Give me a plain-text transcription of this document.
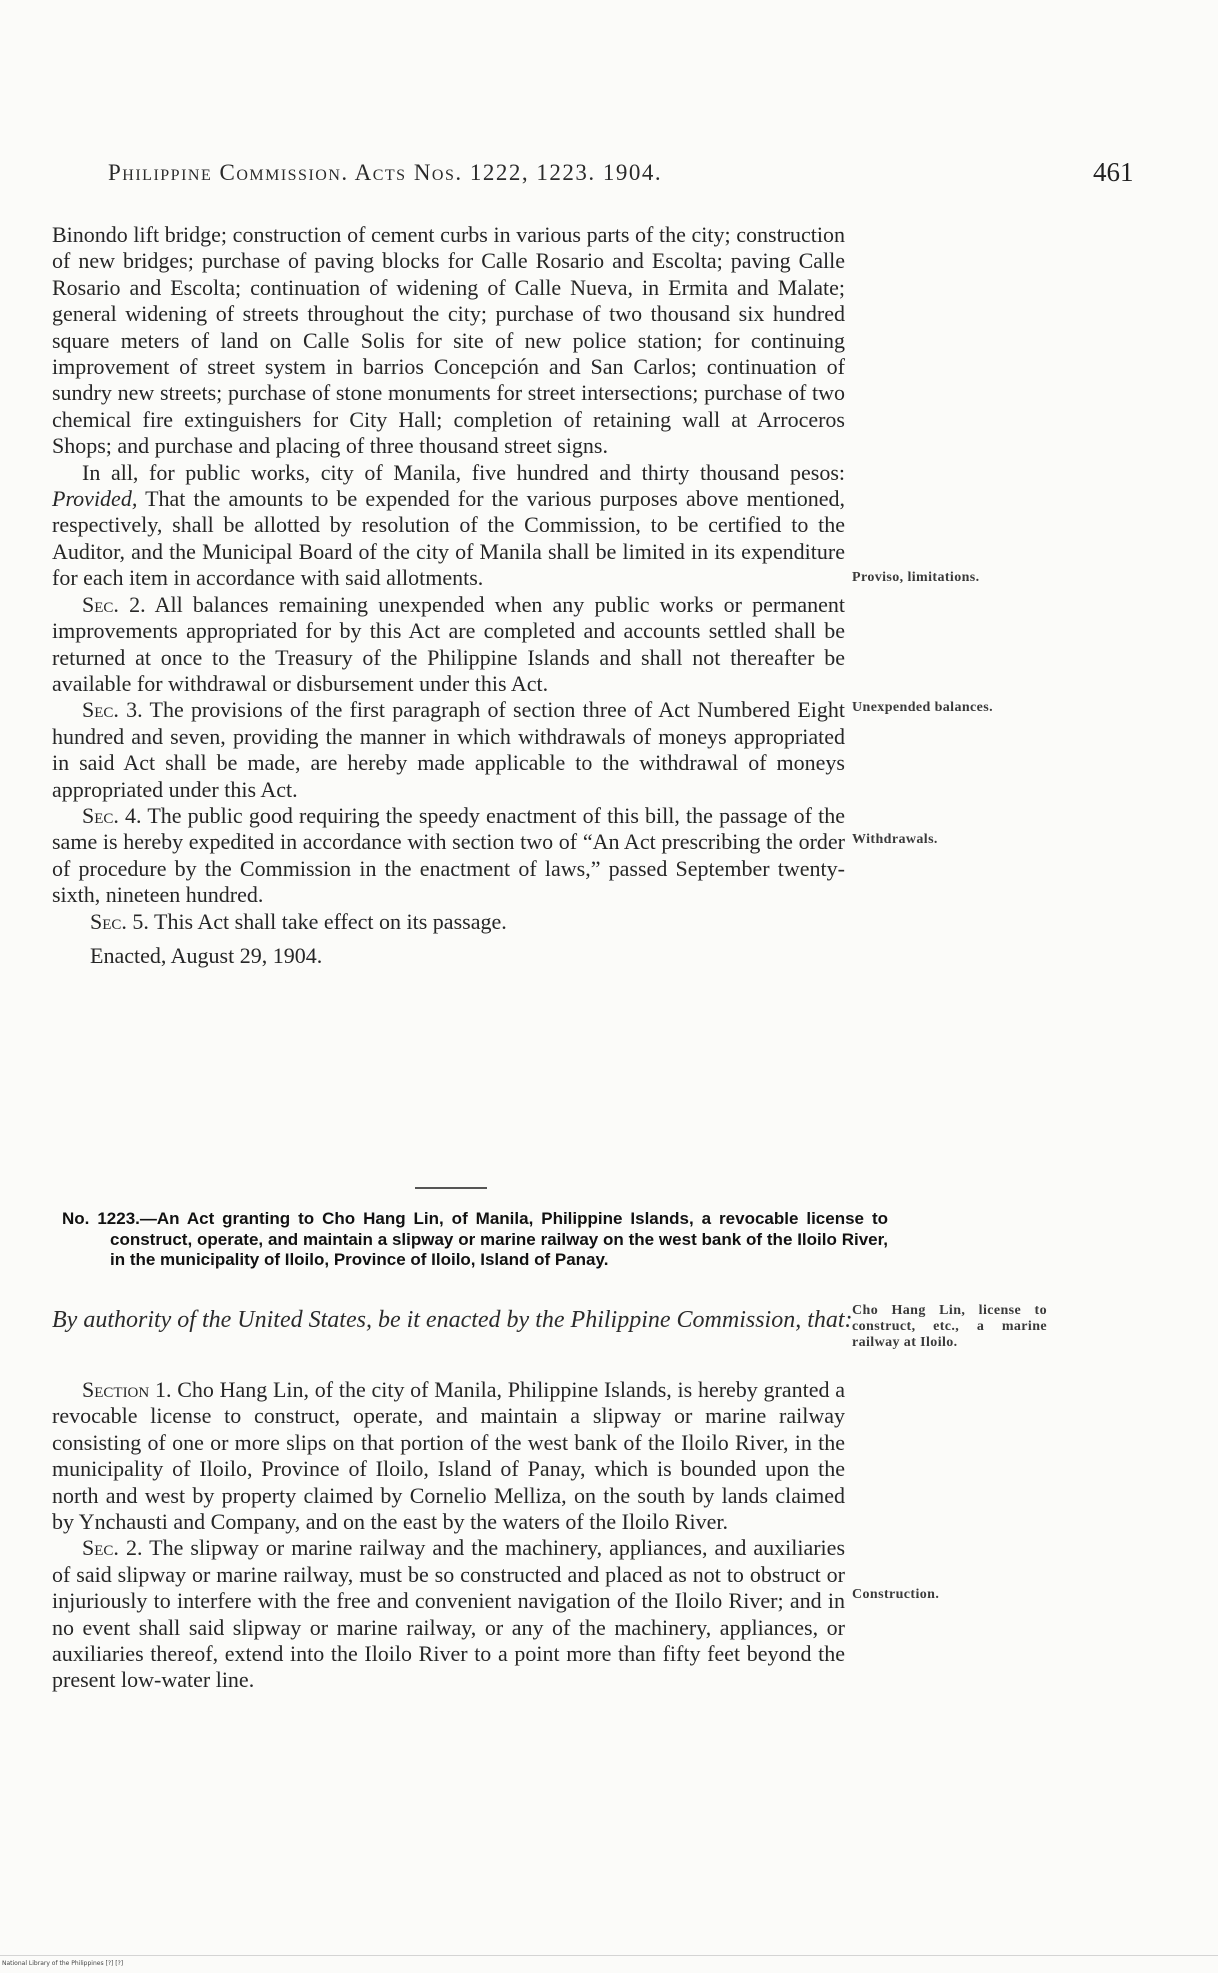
Philippine Commission. Acts Nos. 1222, 1223. 1904.	461

Binondo lift bridge; construction of cement curbs in various parts of the city; construction of new bridges; purchase of paving blocks for Calle Rosario and Escolta; paving Calle Rosario and Escolta; continuation of widening of Calle Nueva, in Ermita and Malate; general widening of streets throughout the city; purchase of two thousand six hundred square meters of land on Calle Solis for site of new police station; for continuing improvement of street system in barrios Concepción and San Carlos; continuation of sundry new streets; purchase of stone monuments for street intersections; purchase of two chemical fire extinguishers for City Hall; completion of retaining wall at Arroceros Shops; and purchase and placing of three thousand street signs.

In all, for public works, city of Manila, five hundred and thirty thousand pesos: Provided, That the amounts to be expended for the various purposes above mentioned, respectively, shall be allotted by resolution of the Commission, to be certified to the Auditor, and the Municipal Board of the city of Manila shall be limited in its expenditure for each item in accordance with said allotments.

Sec. 2. All balances remaining unexpended when any public works or permanent improvements appropriated for by this Act are completed and accounts settled shall be returned at once to the Treasury of the Philippine Islands and shall not thereafter be available for withdrawal or disbursement under this Act.

Sec. 3. The provisions of the first paragraph of section three of Act Numbered Eight hundred and seven, providing the manner in which withdrawals of moneys appropriated in said Act shall be made, are hereby made applicable to the withdrawal of moneys appropriated under this Act.

Sec. 4. The public good requiring the speedy enactment of this bill, the passage of the same is hereby expedited in accordance with section two of “An Act prescribing the order of procedure by the Commission in the enactment of laws,” passed September twenty-sixth, nineteen hundred.

Sec. 5. This Act shall take effect on its passage.

Enacted, August 29, 1904.

Proviso, limitations.
Unexpended balances.
Withdrawals.
No. 1223.—An Act granting to Cho Hang Lin, of Manila, Philippine Islands, a revocable license to construct, operate, and maintain a slipway or marine railway on the west bank of the Iloilo River, in the municipality of Iloilo, Province of Iloilo, Island of Panay.
By authority of the United States, be it enacted by the Philippine Commission, that: Cho Hang Lin, license to construct, etc., a marine railway at Iloilo.

Section 1. Cho Hang Lin, of the city of Manila, Philippine Islands, is hereby granted a revocable license to construct, operate, and maintain a slipway or marine railway consisting of one or more slips on that portion of the west bank of the Iloilo River, in the municipality of Iloilo, Province of Iloilo, Island of Panay, which is bounded upon the north and west by property claimed by Cornelio Melliza, on the south by lands claimed by Ynchausti and Company, and on the east by the waters of the Iloilo River.

Sec. 2. The slipway or marine railway and the machinery, appliances, and auxiliaries of said slipway or marine railway, must be so constructed and placed as not to obstruct or injuriously to interfere with the free and convenient navigation of the Iloilo River; and in no event shall said slipway or marine railway, or any of the machinery, appliances, or auxiliaries thereof, extend into the Iloilo River to a point more than fifty feet beyond the present low-water line.

Construction.
National Library of the Philippines [?] [?]
